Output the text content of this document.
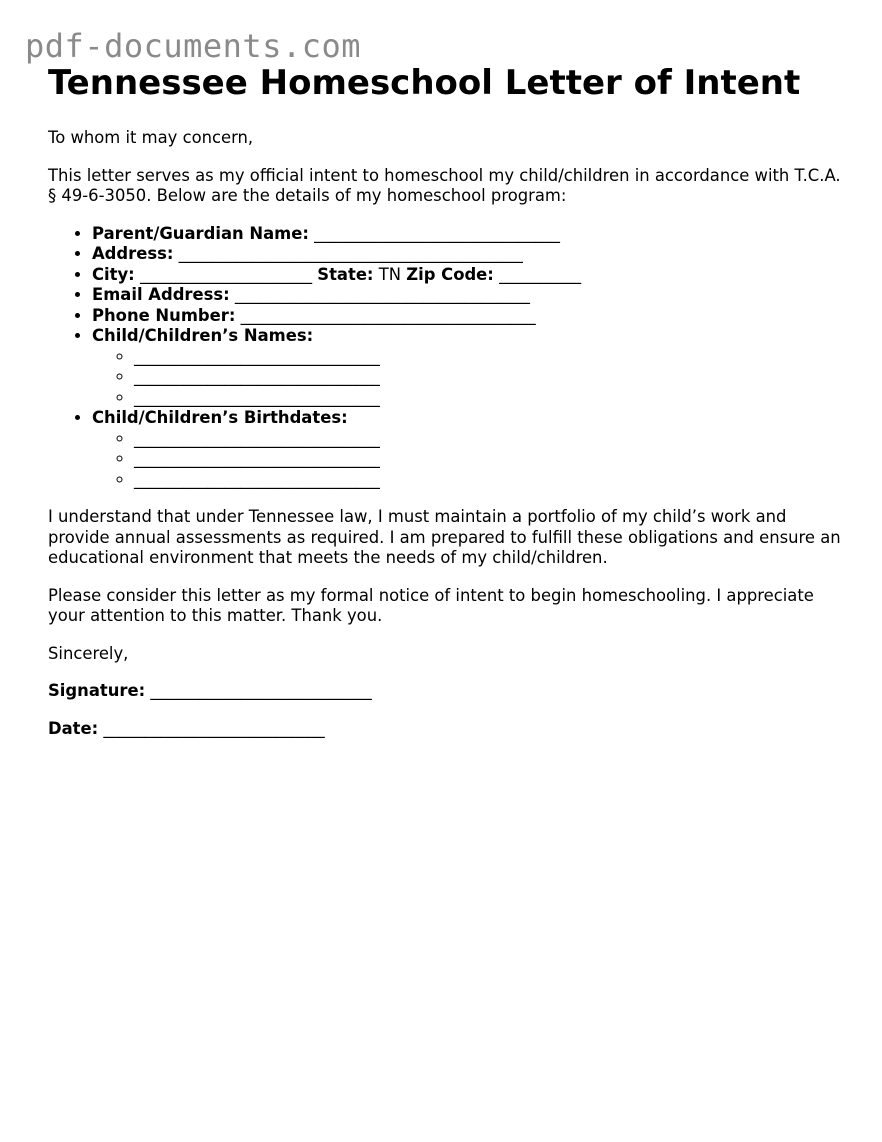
pdf-documents.com
Tennessee Homeschool Letter of Intent

To whom it may concern,

This letter serves as my official intent to homeschool my child/children in accordance with T.C.A. § 49-6-3050. Below are the details of my homeschool program:

• Parent/Guardian Name: ______________________________
• Address: __________________________________________
• City: _____________________ State: TN Zip Code: __________
• Email Address: ____________________________________
• Phone Number: ____________________________________
• Child/Children’s Names:
◦ ______________________________
◦ ______________________________
◦ ______________________________
• Child/Children’s Birthdates:
◦ ______________________________
◦ ______________________________
◦ ______________________________

I understand that under Tennessee law, I must maintain a portfolio of my child’s work and provide annual assessments as required. I am prepared to fulfill these obligations and ensure an educational environment that meets the needs of my child/children.

Please consider this letter as my formal notice of intent to begin homeschooling. I appreciate your attention to this matter. Thank you.

Sincerely,

Signature: ___________________________

Date: ___________________________
